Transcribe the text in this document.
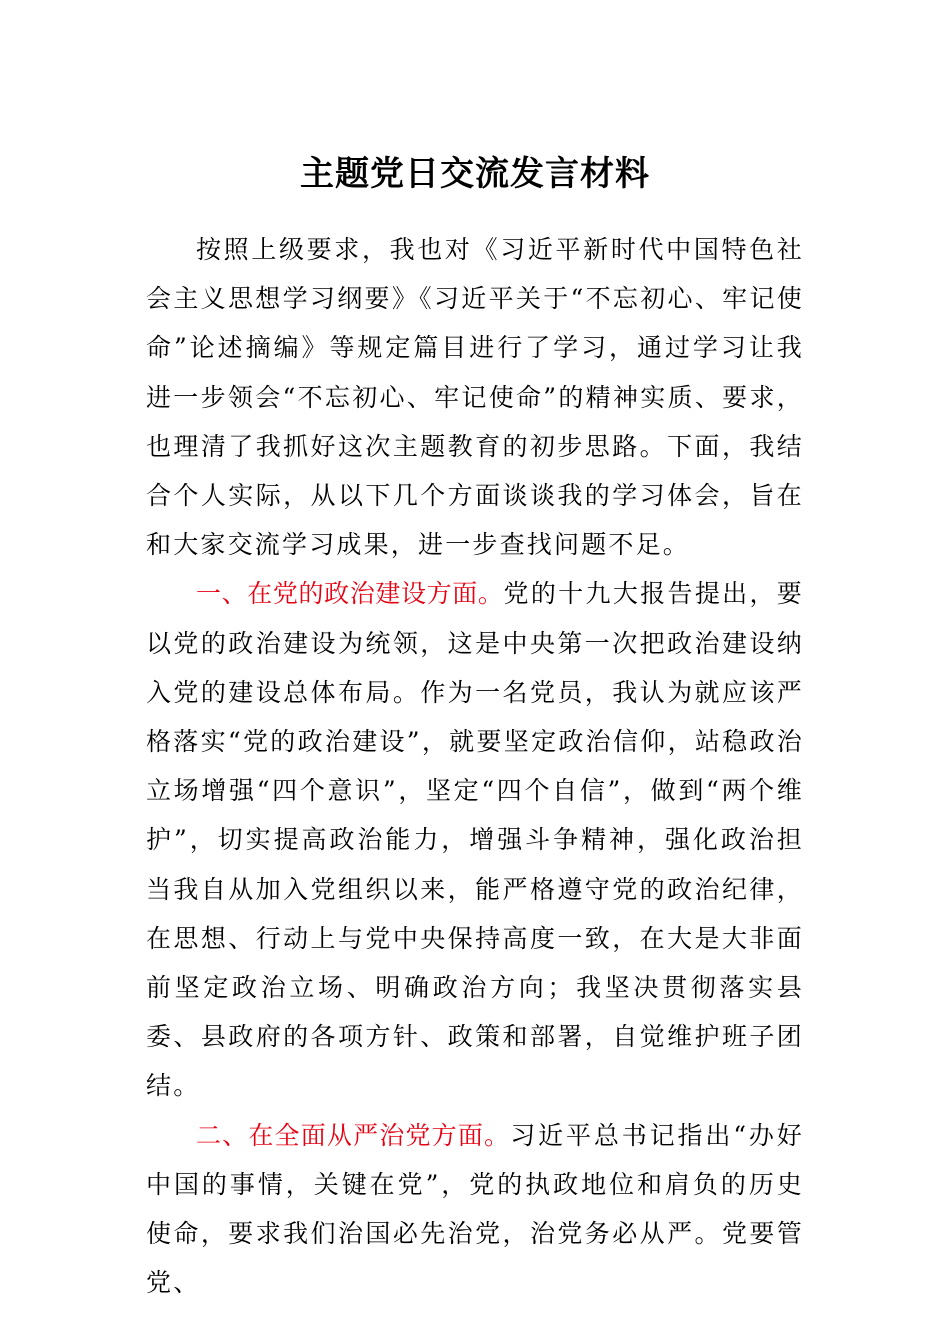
主题党日交流发言材料

按照上级要求，我也对《习近平新时代中国特色社会主义思想学习纲要》《习近平关于“不忘初心、牢记使命”论述摘编》等规定篇目进行了学习，通过学习让我进一步领会“不忘初心、牢记使命”的精神实质、要求，也理清了我抓好这次主题教育的初步思路。下面，我结合个人实际，从以下几个方面谈谈我的学习体会，旨在和大家交流学习成果，进一步查找问题不足。

一、在党的政治建设方面。党的十九大报告提出，要以党的政治建设为统领，这是中央第一次把政治建设纳入党的建设总体布局。作为一名党员，我认为就应该严格落实“党的政治建设”，就要坚定政治信仰，站稳政治立场增强“四个意识”，坚定“四个自信”，做到“两个维护”，切实提高政治能力，增强斗争精神，强化政治担当我自从加入党组织以来，能严格遵守党的政治纪律，在思想、行动上与党中央保持高度一致，在大是大非面前坚定政治立场、明确政治方向；我坚决贯彻落实县委、县政府的各项方针、政策和部署，自觉维护班子团结。

二、在全面从严治党方面。习近平总书记指出“办好中国的事情，关键在党”，党的执政地位和肩负的历史使命，要求我们治国必先治党，治党务必从严。党要管党、
